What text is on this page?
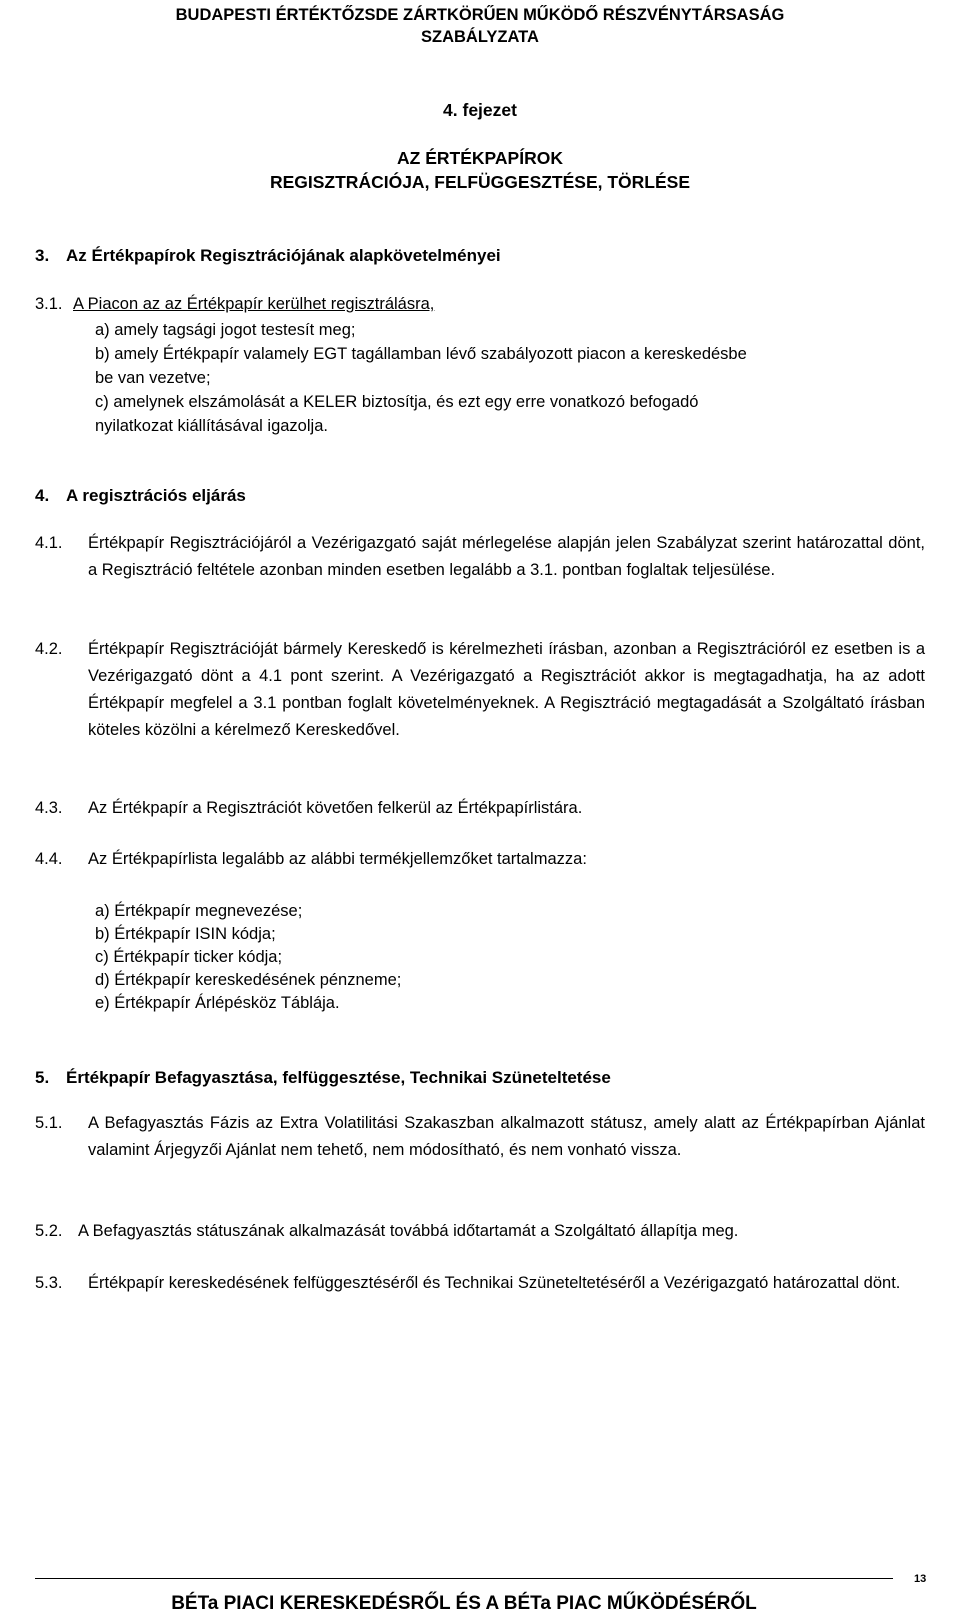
BUDAPESTI ÉRTÉKTŐZSDE ZÁRTKÖRŰEN MŰKÖDŐ RÉSZVÉNYTÁRSASÁG
SZABÁLYZATA
4. fejezet
AZ ÉRTÉKPAPÍROK
REGISZTRÁCIÓJA, FELFÜGGESZTÉSE, TÖRLÉSE
3. Az Értékpapírok Regisztrációjának alapkövetelményei
3.1. A Piacon az az Értékpapír kerülhet regisztrálásra,
a) amely tagsági jogot testesít meg;
b) amely Értékpapír valamely EGT tagállamban lévő szabályozott piacon a kereskedésbe
be van vezetve;
c) amelynek elszámolását a KELER biztosítja, és ezt egy erre vonatkozó befogadó
nyilatkozat kiállításával igazolja.
4. A regisztrációs eljárás
4.1. Értékpapír Regisztrációjáról a Vezérigazgató saját mérlegelése alapján jelen Szabályzat szerint határozattal dönt, a Regisztráció feltétele azonban minden esetben legalább a 3.1. pontban foglaltak teljesülése.
4.2. Értékpapír Regisztrációját bármely Kereskedő is kérelmezheti írásban, azonban a Regisztrációról ez esetben is a Vezérigazgató dönt a 4.1 pont szerint. A Vezérigazgató a Regisztrációt akkor is megtagadhatja, ha az adott Értékpapír megfelel a 3.1 pontban foglalt követelményeknek. A Regisztráció megtagadását a Szolgáltató írásban köteles közölni a kérelmező Kereskedővel.
4.3. Az Értékpapír a Regisztrációt követően felkerül az Értékpapírlistára.
4.4. Az Értékpapírlista legalább az alábbi termékjellemzőket tartalmazza:
a) Értékpapír megnevezése;
b) Értékpapír ISIN kódja;
c) Értékpapír ticker kódja;
d) Értékpapír kereskedésének pénzneme;
e) Értékpapír Árlépésköz Táblája.
5. Értékpapír Befagyasztása, felfüggesztése, Technikai Szüneteltetése
5.1. A Befagyasztás Fázis az Extra Volatilitási Szakaszban alkalmazott státusz, amely alatt az Értékpapírban Ajánlat valamint Árjegyzői Ajánlat nem tehető, nem módosítható, és nem vonható vissza.
5.2. A Befagyasztás státuszának alkalmazását továbbá időtartamát a Szolgáltató állapítja meg.
5.3. Értékpapír kereskedésének felfüggesztéséről és Technikai Szüneteltetéséről a Vezérigazgató határozattal dönt.
BÉTa PIACI KERESKEDÉSRŐL ÉS A BÉTa PIAC MŰKÖDÉSÉRŐL
13
